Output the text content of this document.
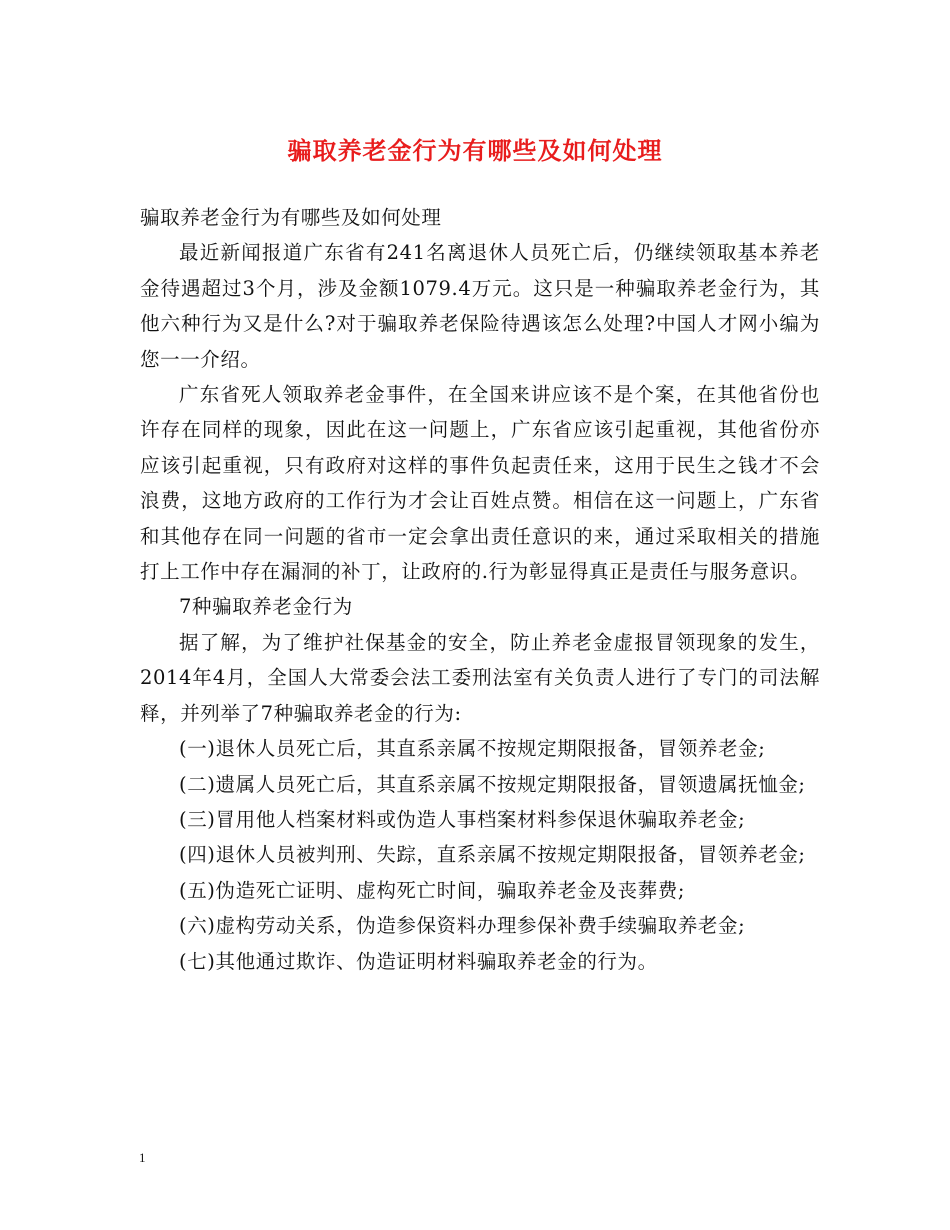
骗取养老金行为有哪些及如何处理

骗取养老金行为有哪些及如何处理

最近新闻报道广东省有241名离退休人员死亡后，仍继续领取基本养老金待遇超过3个月，涉及金额1079.4万元。这只是一种骗取养老金行为，其他六种行为又是什么?对于骗取养老保险待遇该怎么处理?中国人才网小编为您一一介绍。

广东省死人领取养老金事件，在全国来讲应该不是个案，在其他省份也许存在同样的现象，因此在这一问题上，广东省应该引起重视，其他省份亦应该引起重视，只有政府对这样的事件负起责任来，这用于民生之钱才不会浪费，这地方政府的工作行为才会让百姓点赞。相信在这一问题上，广东省和其他存在同一问题的省市一定会拿出责任意识的来，通过采取相关的措施打上工作中存在漏洞的补丁，让政府的.行为彰显得真正是责任与服务意识。

7种骗取养老金行为

据了解，为了维护社保基金的安全，防止养老金虚报冒领现象的发生，2014年4月，全国人大常委会法工委刑法室有关负责人进行了专门的司法解释，并列举了7种骗取养老金的行为:

(一)退休人员死亡后，其直系亲属不按规定期限报备，冒领养老金;

(二)遗属人员死亡后，其直系亲属不按规定期限报备，冒领遗属抚恤金;

(三)冒用他人档案材料或伪造人事档案材料参保退休骗取养老金;

(四)退休人员被判刑、失踪，直系亲属不按规定期限报备，冒领养老金;

(五)伪造死亡证明、虚构死亡时间，骗取养老金及丧葬费;

(六)虚构劳动关系，伪造参保资料办理参保补费手续骗取养老金;

(七)其他通过欺诈、伪造证明材料骗取养老金的行为。

1
